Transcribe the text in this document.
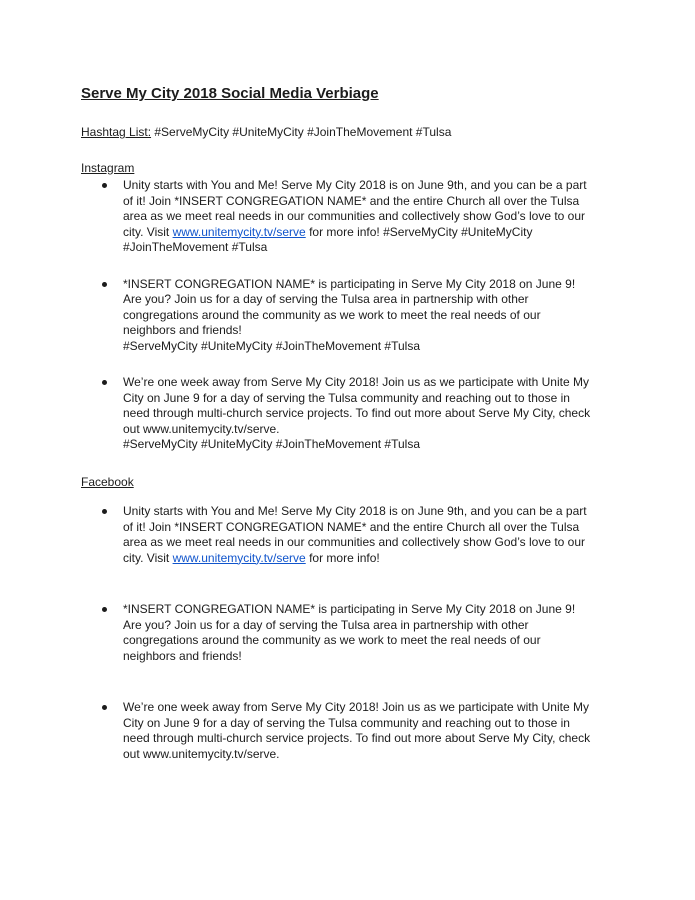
Serve My City 2018 Social Media Verbiage

Hashtag List: #ServeMyCity #UniteMyCity #JoinTheMovement #Tulsa

Instagram
Unity starts with You and Me! Serve My City 2018 is on June 9th, and you can be a part
of it! Join *INSERT CONGREGATION NAME* and the entire Church all over the Tulsa
area as we meet real needs in our communities and collectively show God’s love to our
city. Visit www.unitemycity.tv/serve for more info! #ServeMyCity #UniteMyCity
#JoinTheMovement #Tulsa
*INSERT CONGREGATION NAME* is participating in Serve My City 2018 on June 9!
Are you? Join us for a day of serving the Tulsa area in partnership with other
congregations around the community as we work to meet the real needs of our
neighbors and friends!
#ServeMyCity #UniteMyCity #JoinTheMovement #Tulsa
We’re one week away from Serve My City 2018! Join us as we participate with Unite My
City on June 9 for a day of serving the Tulsa community and reaching out to those in
need through multi-church service projects. To find out more about Serve My City, check
out www.unitemycity.tv/serve.
#ServeMyCity #UniteMyCity #JoinTheMovement #Tulsa
Facebook
Unity starts with You and Me! Serve My City 2018 is on June 9th, and you can be a part
of it! Join *INSERT CONGREGATION NAME* and the entire Church all over the Tulsa
area as we meet real needs in our communities and collectively show God’s love to our
city. Visit www.unitemycity.tv/serve for more info!
*INSERT CONGREGATION NAME* is participating in Serve My City 2018 on June 9!
Are you? Join us for a day of serving the Tulsa area in partnership with other
congregations around the community as we work to meet the real needs of our
neighbors and friends!
We’re one week away from Serve My City 2018! Join us as we participate with Unite My
City on June 9 for a day of serving the Tulsa community and reaching out to those in
need through multi-church service projects. To find out more about Serve My City, check
out www.unitemycity.tv/serve.
